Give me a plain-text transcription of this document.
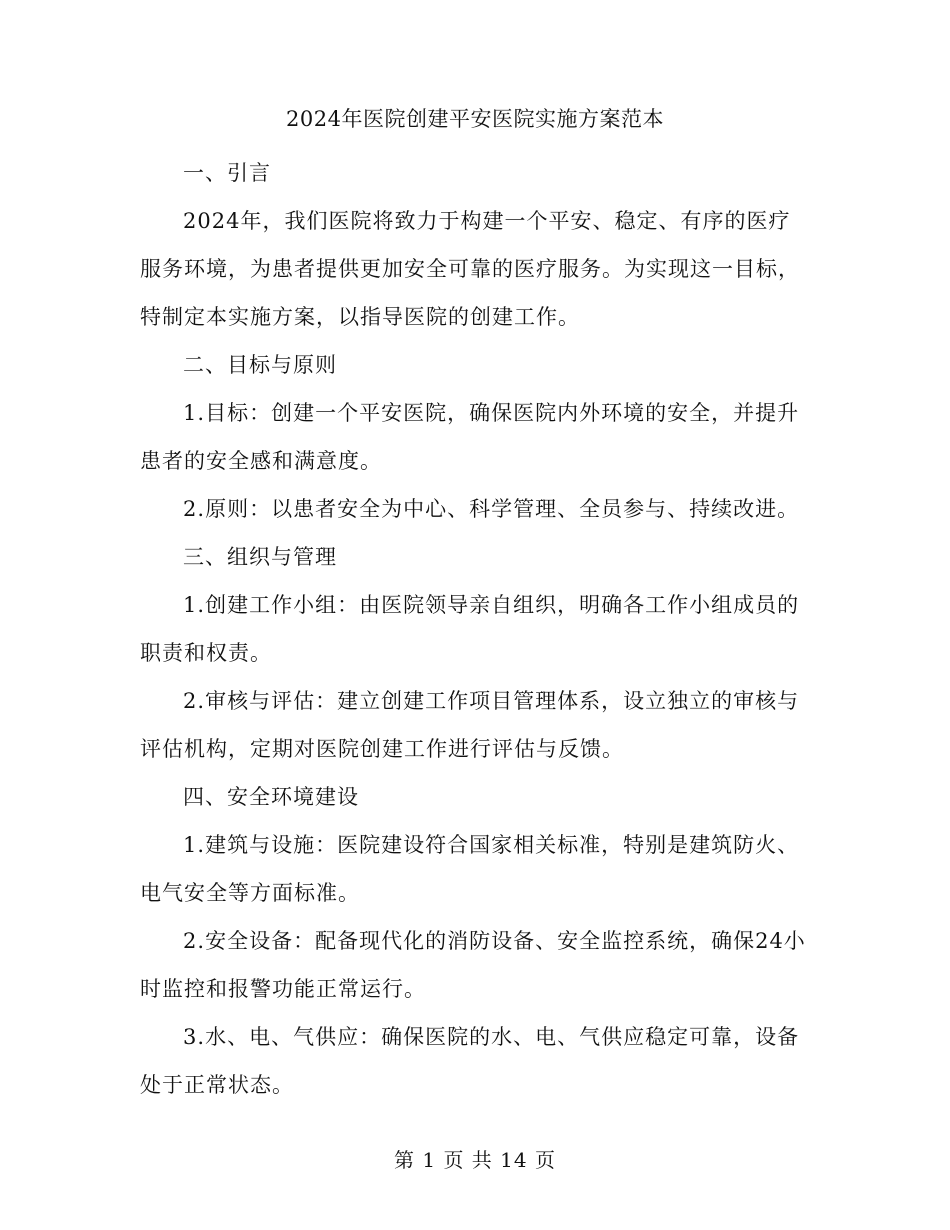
2024年医院创建平安医院实施方案范本

一、引言

2024年，我们医院将致力于构建一个平安、稳定、有序的医疗服务环境，为患者提供更加安全可靠的医疗服务。为实现这一目标，特制定本实施方案，以指导医院的创建工作。

二、目标与原则

1.目标：创建一个平安医院，确保医院内外环境的安全，并提升患者的安全感和满意度。

2.原则：以患者安全为中心、科学管理、全员参与、持续改进。

三、组织与管理

1.创建工作小组：由医院领导亲自组织，明确各工作小组成员的职责和权责。

2.审核与评估：建立创建工作项目管理体系，设立独立的审核与评估机构，定期对医院创建工作进行评估与反馈。

四、安全环境建设

1.建筑与设施：医院建设符合国家相关标准，特别是建筑防火、电气安全等方面标准。

2.安全设备：配备现代化的消防设备、安全监控系统，确保24小时监控和报警功能正常运行。

3.水、电、气供应：确保医院的水、电、气供应稳定可靠，设备处于正常状态。

第 1 页 共 14 页
